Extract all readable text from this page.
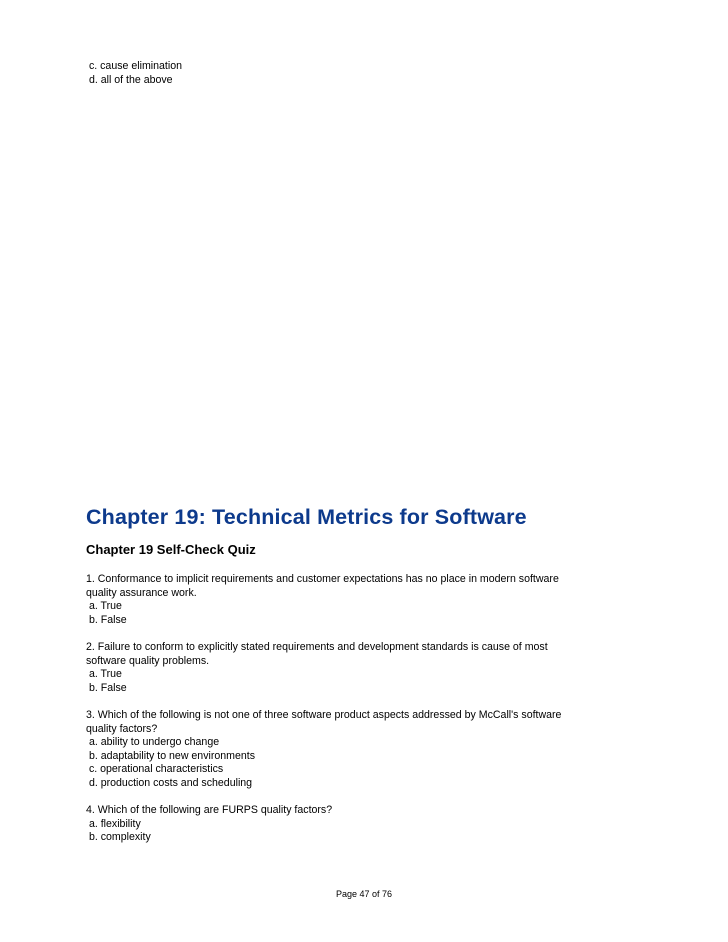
c. cause elimination

d. all of the above

Chapter 19: Technical Metrics for Software
Chapter 19 Self-Check Quiz

1. Conformance to implicit requirements and customer expectations has no place in modern software

quality assurance work.

a. True

b. False

2. Failure to conform to explicitly stated requirements and development standards is cause of most

software quality problems.

a. True

b. False

3. Which of the following is not one of three software product aspects addressed by McCall's software

quality factors?

a. ability to undergo change

b. adaptability to new environments

c. operational characteristics

d. production costs and scheduling

4. Which of the following are FURPS quality factors?

a. flexibility

b. complexity

Page 47 of 76
